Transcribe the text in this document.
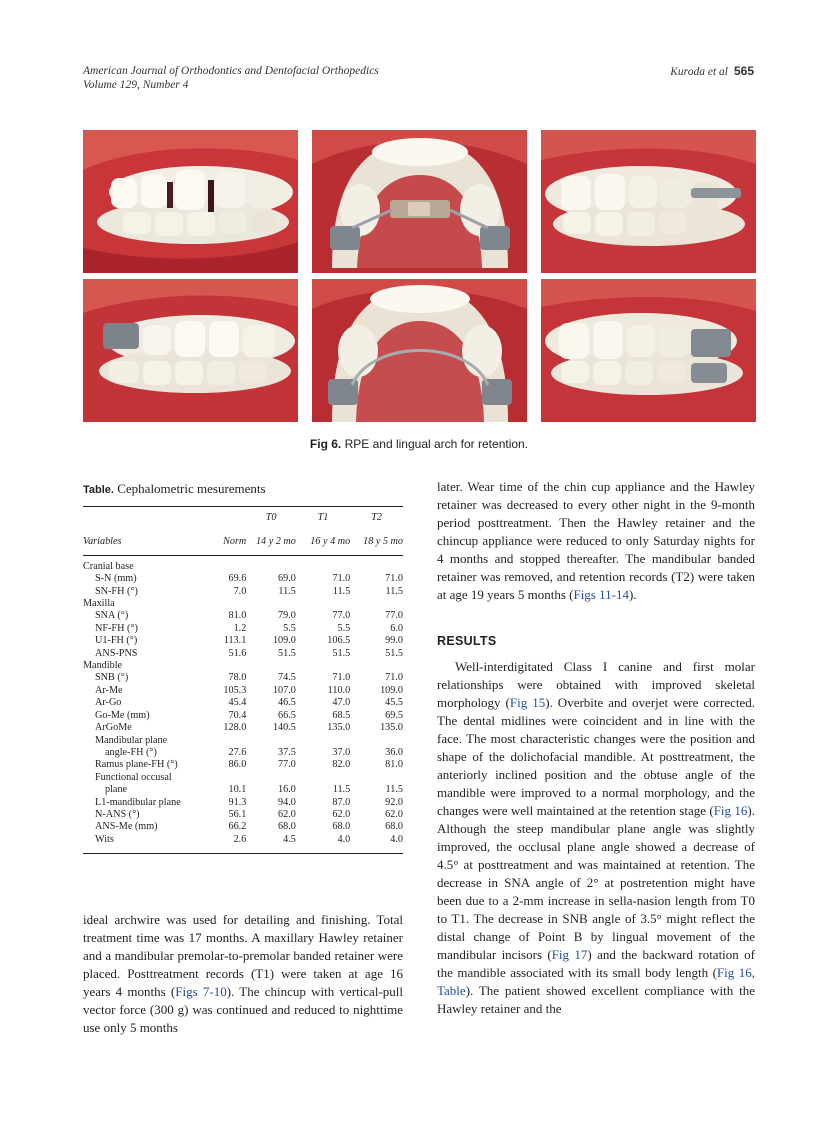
American Journal of Orthodontics and Dentofacial Orthopedics
Volume 129, Number 4
Kuroda et al 565
Fig 6. RPE and lingual arch for retention.
Table. Cephalometric mesurements
		T0	T1	T2
Variables	Norm	14 y 2 mo	16 y 4 mo	18 y 5 mo

Cranial base				
S-N (mm)	69.6	69.0	71.0	71.0
SN-FH (°)	7.0	11.5	11.5	11.5
Maxilla				
SNA (°)	81.0	79.0	77.0	77.0
NF-FH (°)	1.2	5.5	5.5	6.0
U1-FH (°)	113.1	109.0	106.5	99.0
ANS-PNS	51.6	51.5	51.5	51.5
Mandible				
SNB (°)	78.0	74.5	71.0	71.0
Ar-Me	105.3	107.0	110.0	109.0
Ar-Go	45.4	46.5	47.0	45.5
Go-Me (mm)	70.4	66.5	68.5	69.5
ArGoMe	128.0	140.5	135.0	135.0
Mandibular plane				
angle-FH (°)	27.6	37.5	37.0	36.0
Ramus plane-FH (°)	86.0	77.0	82.0	81.0
Functional occusal				
plane	10.1	16.0	11.5	11.5
L1-mandibular plane	91.3	94.0	87.0	92.0
N-ANS (°)	56.1	62.0	62.0	62.0
ANS-Me (mm)	66.2	68.0	68.0	68.0
Wits	2.6	4.5	4.0	4.0

ideal archwire was used for detailing and finishing. Total treatment time was 17 months. A maxillary Hawley retainer and a mandibular premolar-to-premolar banded retainer were placed. Posttreatment records (T1) were taken at age 16 years 4 months (Figs 7-10). The chincup with vertical-pull vector force (300 g) was continued and reduced to nighttime use only 5 months

later. Wear time of the chin cup appliance and the Hawley retainer was decreased to every other night in the 9-month period posttreatment. Then the Hawley retainer and the chincup appliance were reduced to only Saturday nights for 4 months and stopped thereafter. The mandibular banded retainer was removed, and retention records (T2) were taken at age 19 years 5 months (Figs 11-14).

RESULTS

Well-interdigitated Class I canine and first molar relationships were obtained with improved skeletal morphology (Fig 15). Overbite and overjet were corrected. The dental midlines were coincident and in line with the face. The most characteristic changes were the position and shape of the dolichofacial mandible. At posttreatment, the anteriorly inclined position and the obtuse angle of the mandible were improved to a normal morphology, and the changes were well maintained at the retention stage (Fig 16). Although the steep mandibular plane angle was slightly improved, the occlusal plane angle showed a decrease of 4.5° at posttreatment and was maintained at retention. The decrease in SNA angle of 2° at postretention might have been due to a 2-mm increase in sella-nasion length from T0 to T1. The decrease in SNB angle of 3.5° might reflect the distal change of Point B by lingual movement of the mandibular incisors (Fig 17) and the backward rotation of the mandible associated with its small body length (Fig 16, Table). The patient showed excellent compliance with the Hawley retainer and the
